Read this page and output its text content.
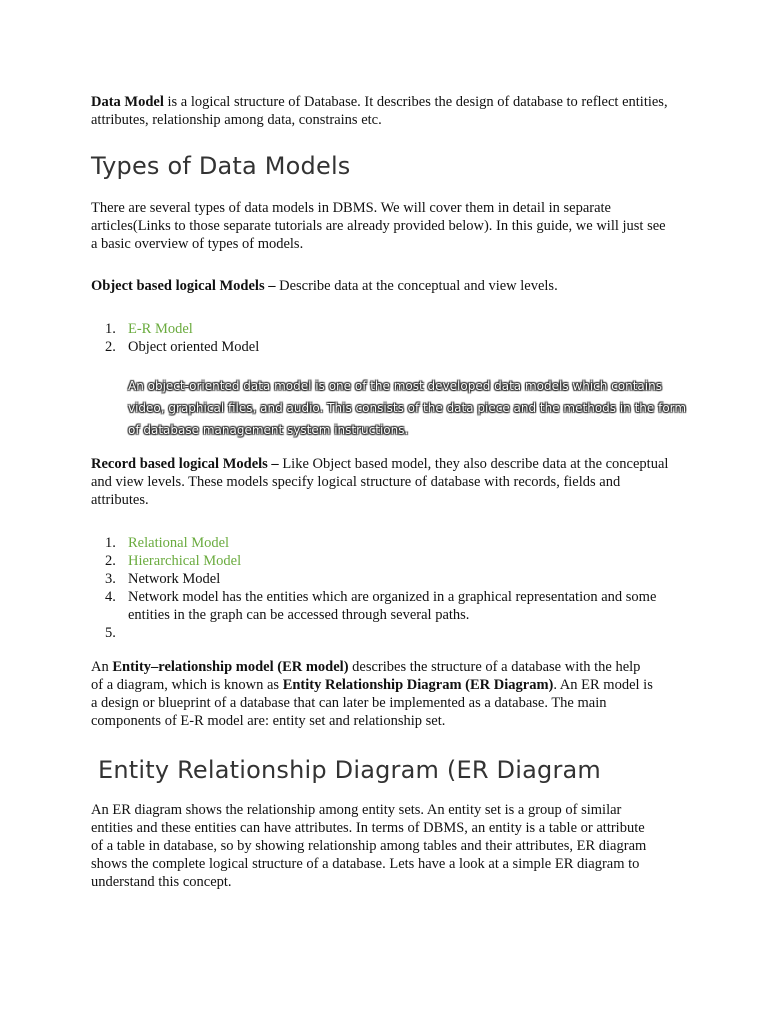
Data Model is a logical structure of Database. It describes the design of database to reflect entities, attributes, relationship among data, constrains etc.

Types of Data Models

There are several types of data models in DBMS. We will cover them in detail in separate articles(Links to those separate tutorials are already provided below). In this guide, we will just see a basic overview of types of models.

Object based logical Models – Describe data at the conceptual and view levels.

1. E-R Model
2. Object oriented Model

An object-oriented data model is one of the most developed data models which contains video, graphical files, and audio. This consists of the data piece and the methods in the form of database management system instructions.

Record based logical Models – Like Object based model, they also describe data at the conceptual and view levels. These models specify logical structure of database with records, fields and attributes.

1. Relational Model
2. Hierarchical Model
3. Network Model
4. Network model has the entities which are organized in a graphical representation and some entities in the graph can be accessed through several paths.
5.

An Entity–relationship model (ER model) describes the structure of a database with the help of a diagram, which is known as Entity Relationship Diagram (ER Diagram). An ER model is a design or blueprint of a database that can later be implemented as a database. The main components of E-R model are: entity set and relationship set.

Entity Relationship Diagram (ER Diagram

An ER diagram shows the relationship among entity sets. An entity set is a group of similar entities and these entities can have attributes. In terms of DBMS, an entity is a table or attribute of a table in database, so by showing relationship among tables and their attributes, ER diagram shows the complete logical structure of a database. Lets have a look at a simple ER diagram to understand this concept.
